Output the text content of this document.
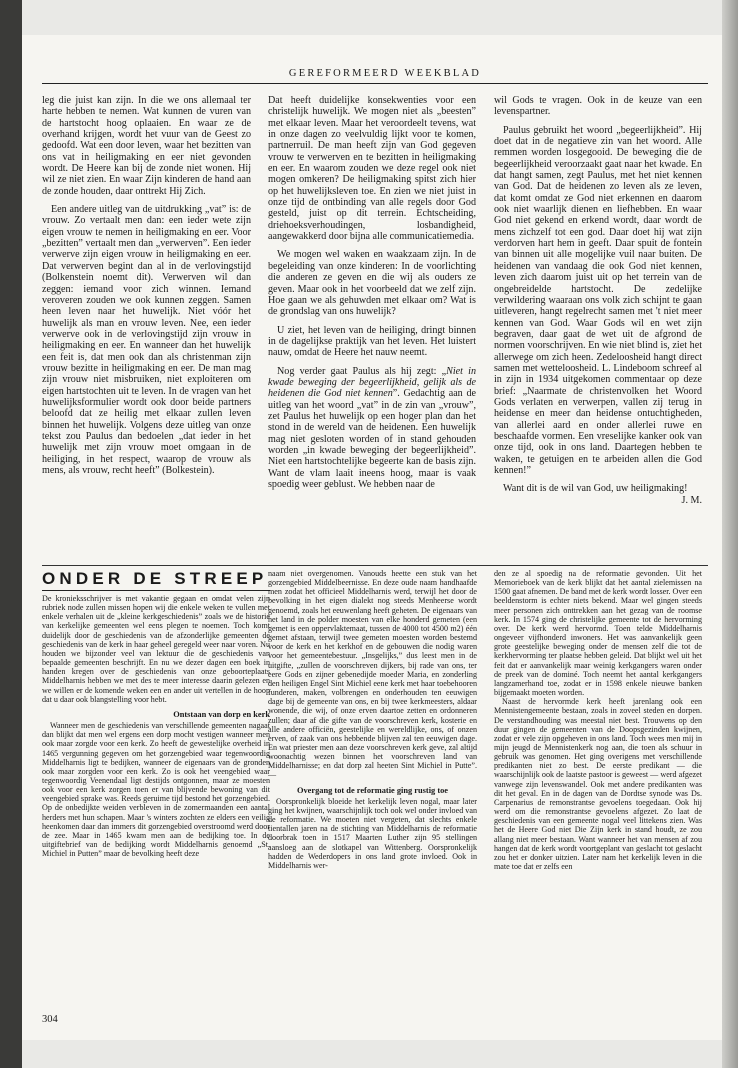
GEREFORMEERD WEEKBLAD

leg die juist kan zijn. In die we ons allemaal ter harte hebben te nemen. Wat kunnen de vuren van de hartstocht hoog oplaaien. En waar ze de overhand krijgen, wordt het vuur van de Geest zo gedoofd. Wat een door leven, waar het bezitten van ons vat in heiligmaking en eer niet gevonden wordt. De Heere kan bij de zonde niet wonen. Hij wil ze niet zien. En waar Zijn kinderen de hand aan de zonde houden, daar onttrekt Hij Zich.

Een andere uitleg van de uitdrukking „vat” is: de vrouw. Zo vertaalt men dan: een ieder wete zijn eigen vrouw te nemen in heiligmaking en eer. Voor „bezitten” vertaalt men dan „verwerven”. Een ieder verwerve zijn eigen vrouw in heiligmaking en eer. Dat verwerven begint dan al in de verlovingstijd (Bolkenstein noemt dit). Verwerven wil dan zeggen: iemand voor zich winnen. Iemand veroveren zouden we ook kunnen zeggen. Samen heen leven naar het huwelijk. Niet vóór het huwelijk als man en vrouw leven. Nee, een ieder verwerve ook in de verlovingstijd zijn vrouw in heiligmaking en eer. En wanneer dan het huwelijk een feit is, dat men ook dan als christenman zijn vrouw bezitte in heiligmaking en eer. De man mag zijn vrouw niet misbruiken, niet exploiteren om eigen hartstochten uit te leven. In de vragen van het huwelijksformulier wordt ook door beide partners beloofd dat ze heilig met elkaar zullen leven binnen het huwelijk. Volgens deze uitleg van onze tekst zou Paulus dan bedoelen „dat ieder in het huwelijk met zijn vrouw moet omgaan in de heiliging, in het respect, waarop de vrouw als mens, als vrouw, recht heeft” (Bolkestein).

Dat heeft duidelijke konsekwenties voor een christelijk huwelijk. We mogen niet als „beesten” met elkaar leven. Maar het veroordeelt tevens, wat in onze dagen zo veelvuldig lijkt voor te komen, partnerruil. De man heeft zijn van God gegeven vrouw te verwerven en te bezitten in heiligmaking en eer. En waarom zouden we deze regel ook niet mogen omkeren? De heiligmaking spitst zich hier op het huwelijksleven toe. En zien we niet juist in onze tijd de ontbinding van alle regels door God gesteld, juist op dit terrein. Echtscheiding, driehoeksverhoudingen, losbandigheid, aangewakkerd door bijna alle communicatiemedia.

We mogen wel waken en waakzaam zijn. In de begeleiding van onze kinderen: In de voorlichting die anderen ze geven en die wij als ouders ze geven. Maar ook in het voorbeeld dat we zelf zijn. Hoe gaan we als gehuwden met elkaar om? Wat is de grondslag van ons huwelijk?

U ziet, het leven van de heiliging, dringt binnen in de dagelijkse praktijk van het leven. Het luistert nauw, omdat de Heere het nauw neemt.

Nog verder gaat Paulus als hij zegt: „Niet in kwade beweging der begeerlijkheid, gelijk als de heidenen die God niet kennen”. Gedachtig aan de uitleg van het woord „vat” in de zin van „vrouw”, zet Paulus het huwelijk op een hoger plan dan het stond in de wereld van de heidenen. Een huwelijk mag niet gesloten worden of in stand gehouden worden „in kwade beweging der begeerlijkheid”. Niet een hartstochtelijke begeerte kan de basis zijn. Want de vlam laait ineens hoog, maar is vaak spoedig weer geblust. We hebben naar de

wil Gods te vragen. Ook in de keuze van een levenspartner.

Paulus gebruikt het woord „begeerlijkheid”. Hij doet dat in de negatieve zin van het woord. Alle remmen worden losgegooid. De beweging die de begeerlijkheid veroorzaakt gaat naar het kwade. En dat hangt samen, zegt Paulus, met het niet kennen van God. Dat de heidenen zo leven als ze leven, dat komt omdat ze God niet erkennen en daarom ook niet waarlijk dienen en liefhebben. En waar God niet gekend en erkend wordt, daar wordt de mens zichzelf tot een god. Daar doet hij wat zijn verdorven hart hem in geeft. Daar spuit de fontein van binnen uit alle mogelijke vuil naar buiten. De heidenen van vandaag die ook God niet kennen, leven zich daarom juist uit op het terrein van de ongebreidelde hartstocht. De zedelijke verwildering waaraan ons volk zich schijnt te gaan uitleveren, hangt regelrecht samen met 't niet meer kennen van God. Waar Gods wil en wet zijn begraven, daar gaat de wet uit de afgrond de normen voorschrijven. En wie niet blind is, ziet het allerwege om zich heen. Zedeloosheid hangt direct samen met wetteloosheid. L. Lindeboom schreef al in zijn in 1934 uitgekomen commentaar op deze brief: „Naarmate de christenvolken het Woord Gods verlaten en verwerpen, vallen zij terug in heidense en meer dan heidense ontuchtigheden, van allerlei aard en onder allerlei ruwe en beschaafde vormen. Een vreselijke kanker ook van onze tijd, ook in ons land. Daartegen hebben te waken, te getuigen en te arbeiden allen die God kennen!”

Want dit is de wil van God, uw heiligmaking!
J. M.

ONDER DE STREEP

De kronieksschrijver is met vakantie gegaan en omdat velen zijn rubriek node zullen missen hopen wij die enkele weken te vullen met enkele verhalen uit de „kleine kerkgeschiedenis” zoals we de historie van kerkelijke gemeenten wel eens plegen te noemen. Toch komt duidelijk door de geschiedenis van de afzonderlijke gemeenten de geschiedenis van de kerk in haar geheel geregeld weer naar voren. Nu houden we bijzonder veel van lektuur die de geschiedenis van bepaalde gemeenten beschrijft. En nu we dezer dagen een boek in handen kregen over de geschiedenis van onze geboorteplaats Middelharnis hebben we met des te meer interesse daarin gelezen en we willen er de komende weken een en ander uit vertellen in de hoop dat u daar ook blangstelling voor hebt.

Ontstaan van dorp en kerk

Wanneer men de geschiedenis van verschillende gemeenten nagaat dan blijkt dat men wel ergens een dorp mocht vestigen wanneer men ook maar zorgde voor een kerk. Zo heeft de gewestelijke overheid in 1465 vergunning gegeven om het gorzengebied waar tegenwoordig Middelharnis ligt te bedijken, wanneer de eigenaars van de gronden ook maar zorgden voor een kerk. Zo is ook het veengebied waar tegenwoordig Veenendaal ligt destijds ontgonnen, maar ze moesten ook voor een kerk zorgen toen er van blijvende bewoning van dit veengebied sprake was. Reeds geruime tijd bestond het gorzengebied. Op de onbedijkte weiden verbleven in de zomermaanden een aantal herders met hun schapen. Maar 's winters zochten ze elders een veilig heenkomen daar dan immers dit gorzengebied overstroomd werd door de zee. Maar in 1465 kwam men aan de bedijking toe. In de uitgiftebrief van de bedijking wordt Middelharnis genoemd „St. Michiel in Putten” maar de bevolking heeft deze

naam niet overgenomen. Vanouds heette een stuk van het gorzengebied Middelbeernisse. En deze oude naam handhaafde men zodat het officieel Middelharnis werd, terwijl het door de bevolking in het eigen dialekt nog steeds Menheerse wordt genoemd, zoals het eeuwenlang heeft geheten. De eigenaars van het land in de polder moesten van elke honderd gemeten (een gemet is een oppervlaktemaat, tussen de 4000 tot 4500 m2) één gemet afstaan, terwijl twee gemeten moesten worden bestemd voor de kerk en het kerkhof en de gebouwen die nodig waren voor het gemeentebestuur. „Insgelijks,” dus leest men in de uitgifte, „zullen de voorschreven dijkers, bij rade van ons, ter eere Gods en zijner gebenedijde moeder Maria, en zonderling den heiligen Engel Sint Michiel eene kerk met haar toebehooren funderen, maken, volbrengen en onderhouden ten eeuwigen dage bij de gemeente van ons, en bij twee kerkmeesters, aldaar wonende, die wij, of onze erven daartoe zetten en ordonneren zullen; daar af die gifte van de voorschreven kerk, kosterie en alle andere officiën, geestelijke en wereldlijke, ons, of onzen erven, of zaak van ons hebbende blijven zal ten eeuwigen dage. En wat priester men aan deze voorschreven kerk geve, zal altijd woonachtig wezen binnen het voorschreven land van Middelharnisse; en dat dorp zal heeten Sint Michiel in Putte”. —

Overgang tot de reformatie ging rustig toe

Oorspronkelijk bloeide het kerkelijk leven nogal, maar later ging het kwijnen, waarschijnlijk toch ook wel onder invloed van de reformatie. We moeten niet vergeten, dat slechts enkele tientallen jaren na de stichting van Middelharnis de reformatie doorbrak toen in 1517 Maarten Luther zijn 95 stellingen aansloeg aan de slotkapel van Wittenberg. Oorspronkelijk hadden de Wederdopers in ons land grote invloed. Ook in Middelharnis wer-

den ze al spoedig na de reformatie gevonden. Uit het Memorieboek van de kerk blijkt dat het aantal zielemissen na 1500 gaat afnemen. De band met de kerk wordt losser. Over een beeldenstorm is echter niets bekend. Maar wel gingen steeds meer personen zich onttrekken aan het gezag van de roomse kerk. In 1574 ging de christelijke gemeente tot de hervorming over. De kerk werd hervormd. Toen telde Middelharnis ongeveer vijfhonderd inwoners. Het was aanvankelijk geen grote geestelijke beweging onder de mensen zelf die tot de kerkhervorming ter plaatse hebben geleid. Dat blijkt wel uit het feit dat er aanvankelijk maar weinig kerkgangers waren onder de preek van de dominé. Toch neemt het aantal kerkgangers langzamerhand toe, zodat er in 1598 enkele nieuwe banken bijgemaakt moeten worden.

Naast de hervormde kerk heeft jarenlang ook een Mennistengemeente bestaan, zoals in zoveel steden en dorpen. De verstandhouding was meestal niet best. Trouwens op den duur gingen de gemeenten van de Doopsgezinden kwijnen, zodat er vele zijn opgeheven in ons land. Toch wees men mij in mijn jeugd de Mennistenkerk nog aan, die toen als schuur in gebruik was genomen. Het ging overigens met verschillende predikanten niet zo best. De eerste predikant — die waarschijnlijk ook de laatste pastoor is geweest — werd afgezet vanwege zijn levenswandel. Ook met andere predikanten was dit het geval. En in de dagen van de Dordtse synode was Ds. Carpenarius de remonstrantse gevoelens toegedaan. Ook hij werd om die remonstrantse gevoelens afgezet. Zo laat de geschiedenis van een gemeente nogal veel littekens zien. Was het de Heere God niet Die Zijn kerk in stand houdt, ze zou allang niet meer bestaan. Want wanneer het van mensen af zou hangen dat de kerk wordt voortgeplant van geslacht tot geslacht zou het er donker uitzien. Later nam het kerkelijk leven in die mate toe dat er zelfs een

304
